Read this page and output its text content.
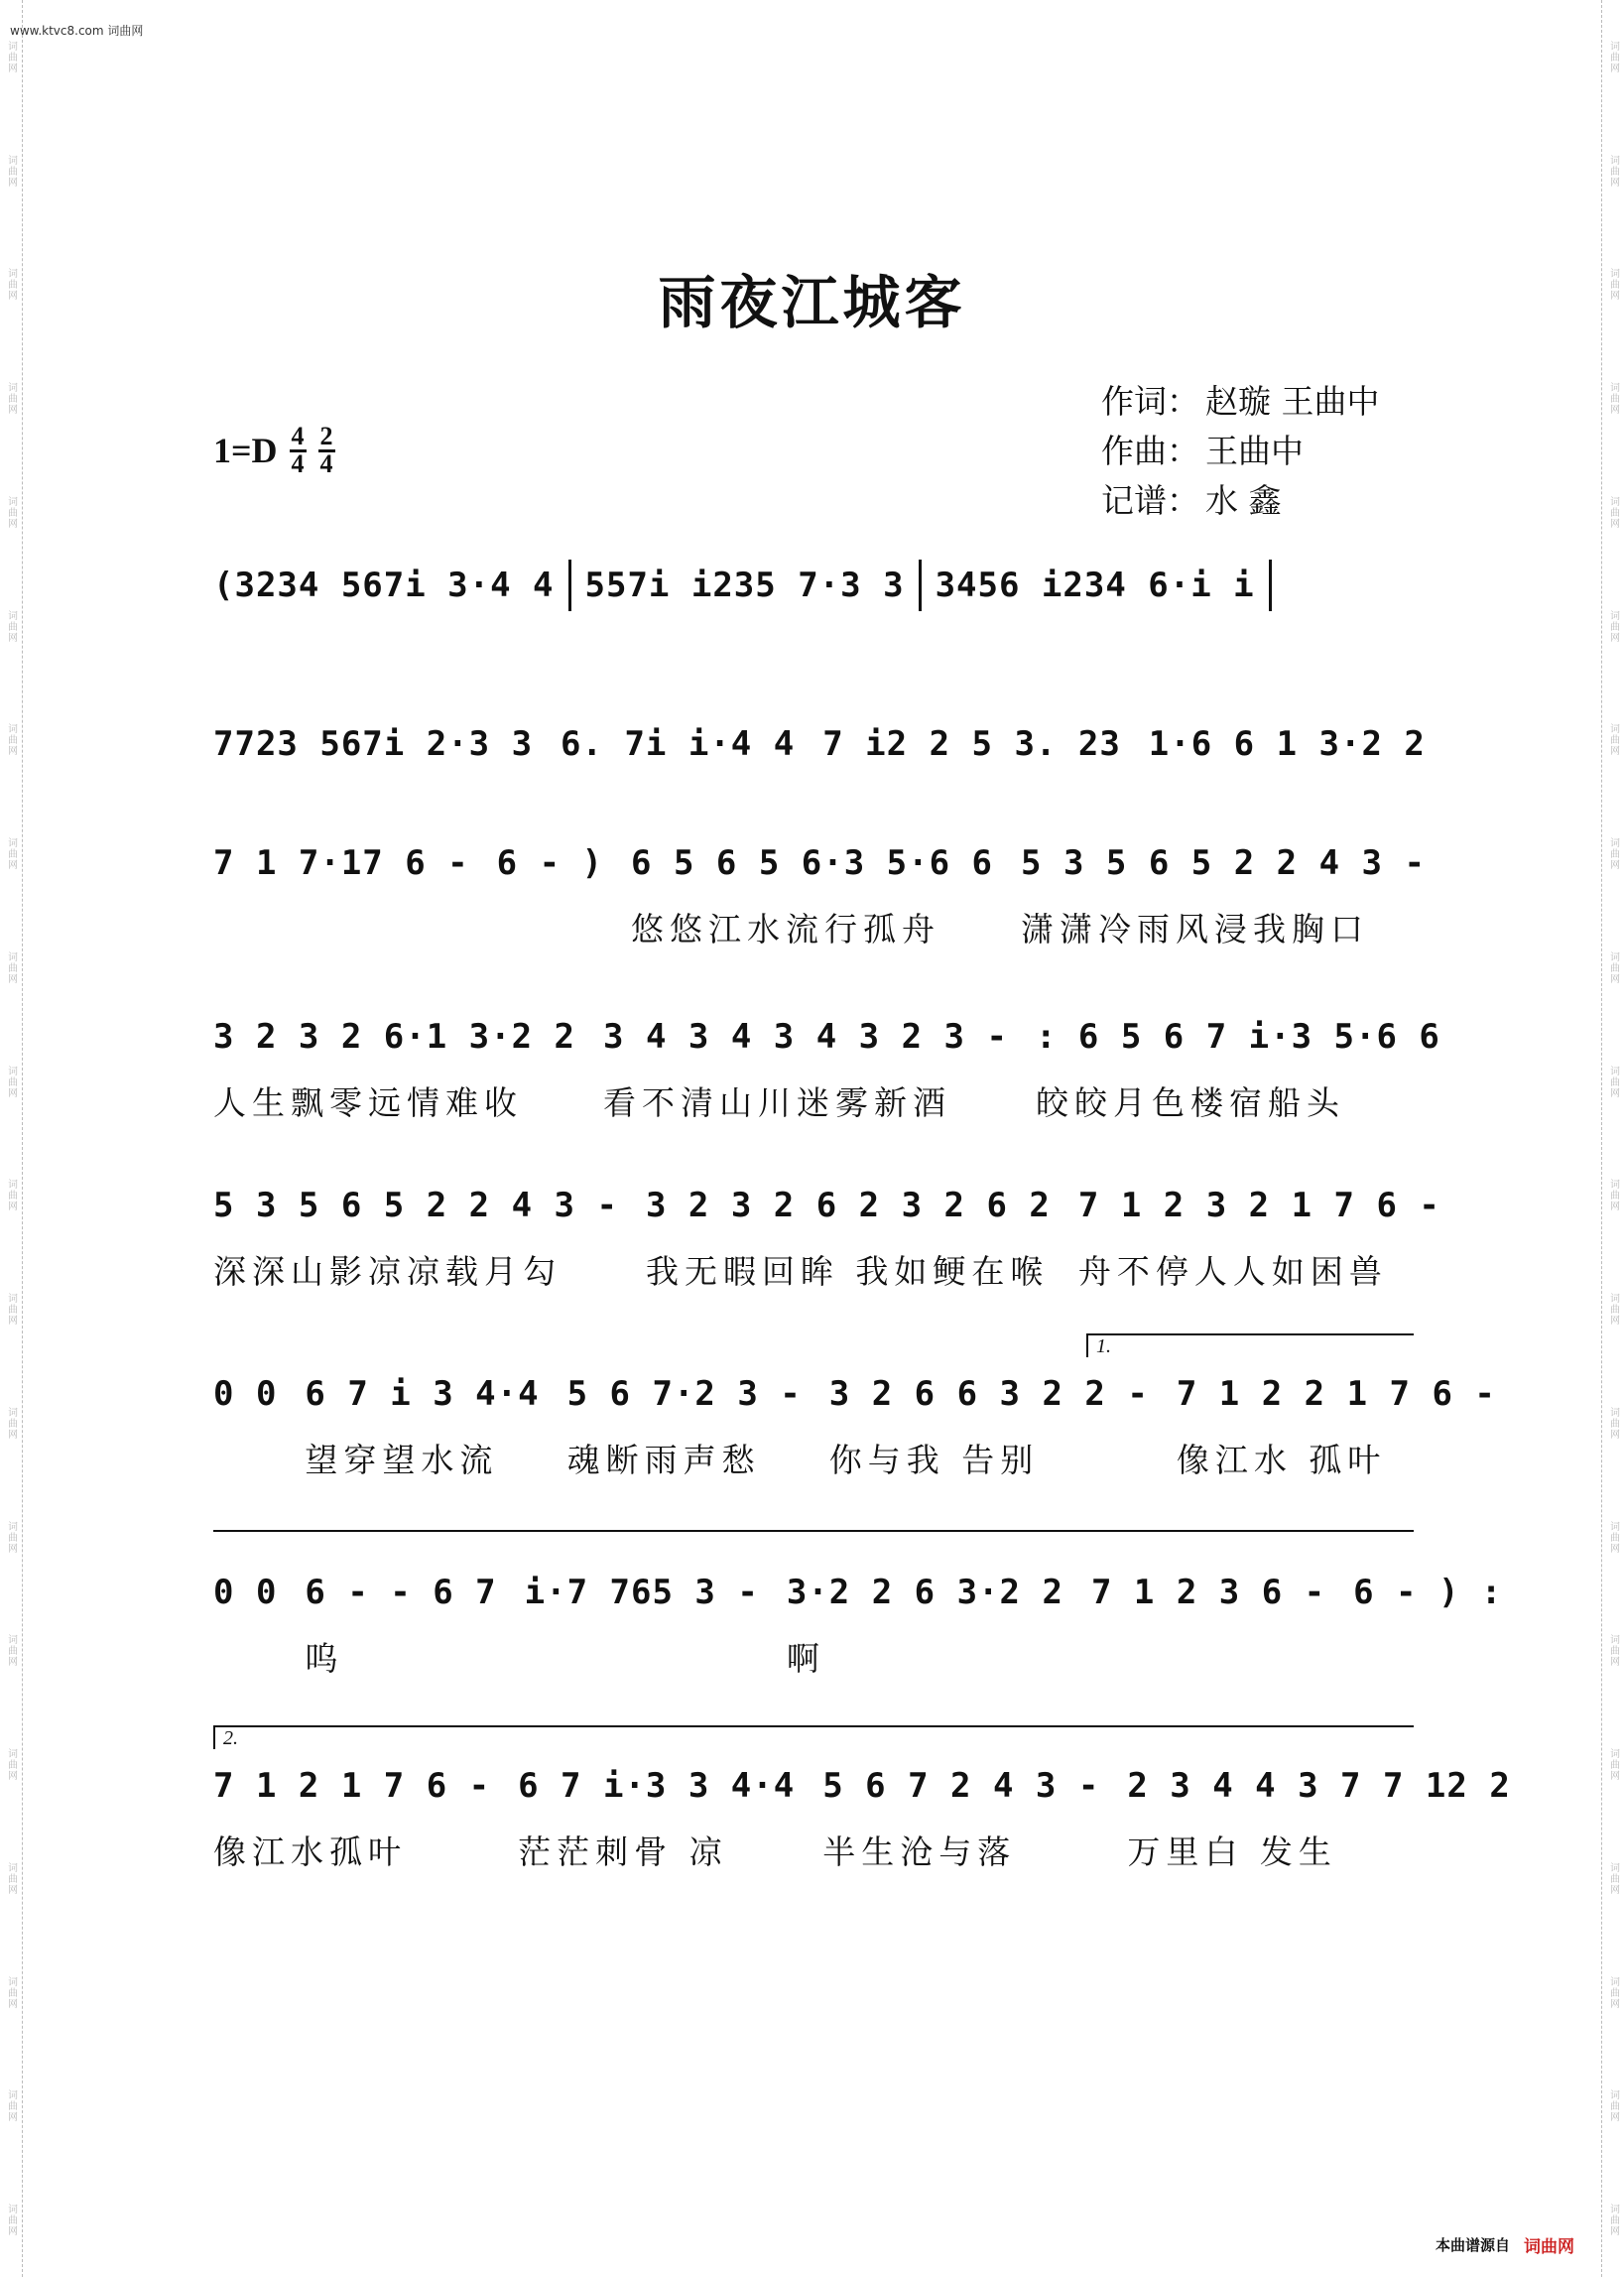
www.ktvc8.com 词曲网
词曲网
词曲网
词曲网
词曲网
词曲网
词曲网
词曲网
词曲网
词曲网
词曲网
词曲网
词曲网
词曲网
词曲网
词曲网
词曲网
词曲网
词曲网
词曲网
词曲网
词曲网
词曲网
词曲网
词曲网
词曲网
词曲网
词曲网
词曲网
词曲网
词曲网
词曲网
词曲网
词曲网
词曲网
词曲网
词曲网
词曲网
词曲网
词曲网
词曲网
雨夜江城客
$1=D \frac{4}{4} \frac{2}{4}$
作词： 赵璇 王曲中
作曲： 王曲中
记谱： 水 鑫
(3234 567i 3·4 4 557i i235 7·3 3 3456 i234 6·i i
7723 567i 2·3 3 6. 7i i·4 4 7 i2 2 5 3. 23 1·6 6 1 3·2 2
7 1 7·17 6 - 6 - ) 6 5 6 5 6·3 5·6 6 5 3 5 6 5 2 2 4 3 -
悠悠江水流行孤舟 潇潇冷雨风浸我胸口
3 2 3 2 6·1 3·2 2 3 4 3 4 3 4 3 2 3 - : 6 5 6 7 i·3 5·6 6
人生飘零远情难收 看不清山川迷雾新酒	皎皎月色楼宿船头
5 3 5 6 5 2 2 4 3 - 3 2 3 2 6 2 3 2 6 2 7 1 2 3 2 1 7 6 -
深深山影凉凉载月勾	我无暇回眸 我如鲠在喉 舟不停人人如困兽
0 0 6 7 i 3 4·4 5 6 7·2 3 - 3 2 6 6 3 2 2 - 7 1 2 2 1 7 6 -
望穿望水流 魂断雨声愁 你与我 告别	像江水 孤叶
1.
0 0 6 - - 6 7 i·7 765 3 - 3·2 2 6 3·2 2 7 1 2 3 6 - 6 - ) :
呜	啊
7 1 2 1 7 6 - 6 7 i·3 3 4·4 5 6 7 2 4 3 - 2 3 4 4 3 7 7 12 2
像江水孤叶	茫茫刺骨 凉	半生沧与落	万里白 发生
2.
本曲谱源自 词曲网
